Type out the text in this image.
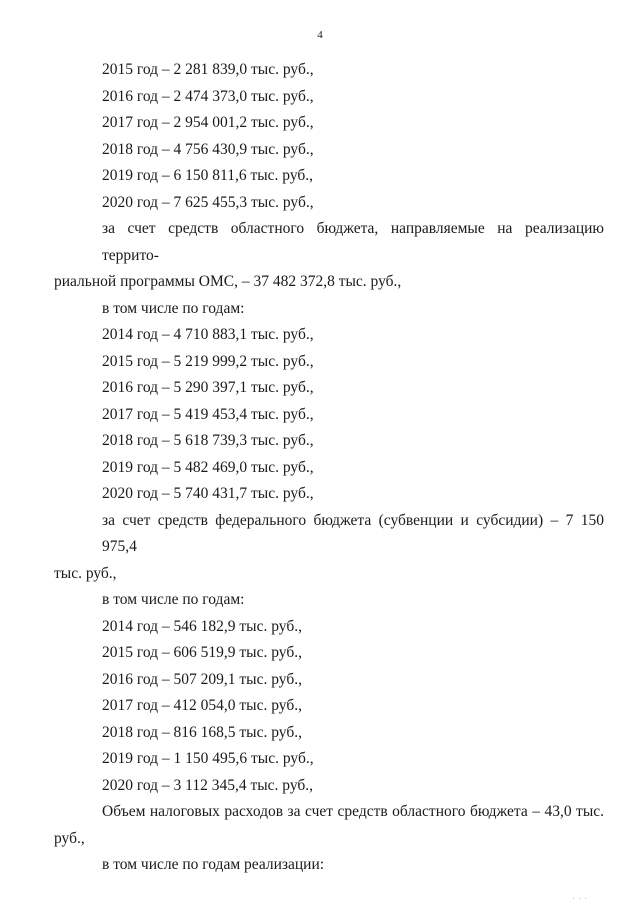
4
2015 год – 2 281 839,0 тыс. руб.,
2016 год – 2 474 373,0 тыс. руб.,
2017 год – 2 954 001,2 тыс. руб.,
2018 год – 4 756 430,9 тыс. руб.,
2019 год – 6 150 811,6 тыс. руб.,
2020 год – 7 625 455,3 тыс. руб.,
за счет средств областного бюджета, направляемые на реализацию террито-
риальной программы ОМС, – 37 482 372,8 тыс. руб.,
в том числе по годам:
2014 год – 4 710 883,1 тыс. руб.,
2015 год – 5 219 999,2 тыс. руб.,
2016 год – 5 290 397,1 тыс. руб.,
2017 год – 5 419 453,4 тыс. руб.,
2018 год – 5 618 739,3 тыс. руб.,
2019 год – 5 482 469,0 тыс. руб.,
2020 год – 5 740 431,7 тыс. руб.,
за счет средств федерального бюджета (субвенции и субсидии) – 7 150 975,4
тыс. руб.,
в том числе по годам:
2014 год – 546 182,9 тыс. руб.,
2015 год – 606 519,9 тыс. руб.,
2016 год – 507 209,1 тыс. руб.,
2017 год – 412 054,0 тыс. руб.,
2018 год – 816 168,5 тыс. руб.,
2019 год – 1 150 495,6 тыс. руб.,
2020 год – 3 112 345,4 тыс. руб.,
Объем налоговых расходов за счет средств областного бюджета – 43,0 тыс.
руб.,
в том числе по годам реализации:
· · ·
